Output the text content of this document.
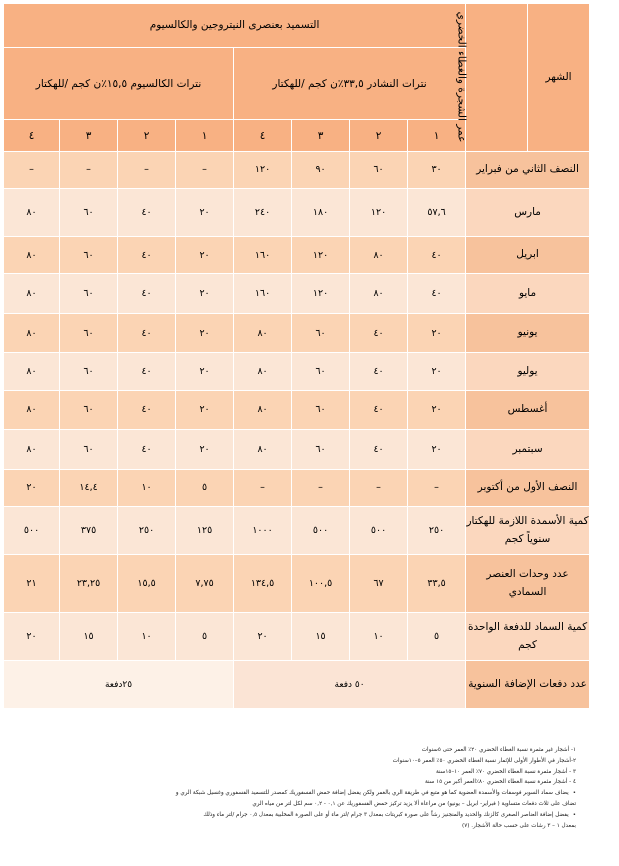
الشهر	عمر الشجرة والغطاء الخضري	التسميد بعنصرى النيتروجين والكالسيوم							
		نترات النشادر ٣٣,٥٪ن كجم /للهكتار				نترات الكالسيوم ١٥,٥٪ن كجم /للهكتار			
		١	٢	٣	٤	١	٢	٣	٤
النصف الثاني من فبراير		٣٠	٦٠	٩٠	١٢٠	–	–	–	–
مارس		٥٧,٦	١٢٠	١٨٠	٢٤٠	٢٠	٤٠	٦٠	٨٠
ابريل		٤٠	٨٠	١٢٠	١٦٠	٢٠	٤٠	٦٠	٨٠
مايو		٤٠	٨٠	١٢٠	١٦٠	٢٠	٤٠	٦٠	٨٠
يونيو		٢٠	٤٠	٦٠	٨٠	٢٠	٤٠	٦٠	٨٠
يوليو		٢٠	٤٠	٦٠	٨٠	٢٠	٤٠	٦٠	٨٠
أغسطس		٢٠	٤٠	٦٠	٨٠	٢٠	٤٠	٦٠	٨٠
سبتمبر		٢٠	٤٠	٦٠	٨٠	٢٠	٤٠	٦٠	٨٠
النصف الأول من أكتوبر		–	–	–	–	٥	١٠	١٤,٤	٢٠
كمية الأسمدة اللازمة للهكتار سنوياً كجم		٢٥٠	٥٠٠	٥٠٠	١٠٠٠	١٢٥	٢٥٠	٣٧٥	٥٠٠
عدد وحدات العنصر السمادي		٣٣,٥	٦٧	١٠٠,٥	١٣٤,٥	٧,٧٥	١٥,٥	٢٣,٢٥	٢١
كمية السماد للدفعة الواحدة كجم		٥	١٠	١٥	٢٠	٥	١٠	١٥	٢٠
عدد دفعات الإضافة السنوية		٥٠ دفعة				٢٥دفعة			
١- أشجار غير مثمرة نسبة الغطاء الخضري ٢٠٪ العمر حتى ٥سنوات
٢-أشجار في الأطوار الأولى للإثمار نسبة الغطاء الخضري ٥٠٪ العمر ٥–١٠سنوات
٣ - أشجار مثمرة نسبة الغطاء الخضري ٧٠٪ العمر ١٠–١٥سنة
٤ - أشجار مثمرة نسبة الغطاء الخضري ٨٠٪العمر أكبر من ١٥ سنة
• يضاف سماد السوبر فوسفات والأسمدة العضوية كما هو متبع في طريقة الري بالغمر ولكن يفضل إضافة حمض الفسفوريك كمصدر للتسميد الفسفوري وغسيل شبكة الري و
تضاف على ثلاث دفعات متساوية ( فبراير- ابريل – يونيو) من مراعاة ألا يزيد تركيز حمض الفسفوريك عن ٠,١ - ٠,٢ سم لكل لتر من مياه الري
• يفضل إضافة العناصر الصغرى كالزنك والحديد والمنجنيز رشاً على صورة كبريتات بمعدل ٣ جرام /لتر ماء أو على الصورة المخلبية بمعدل ٠,٥ جرام /لتر ماء وذلك
بمعدل ١ – ٣ رشات على حسب حالة الأشجار. (٧)
